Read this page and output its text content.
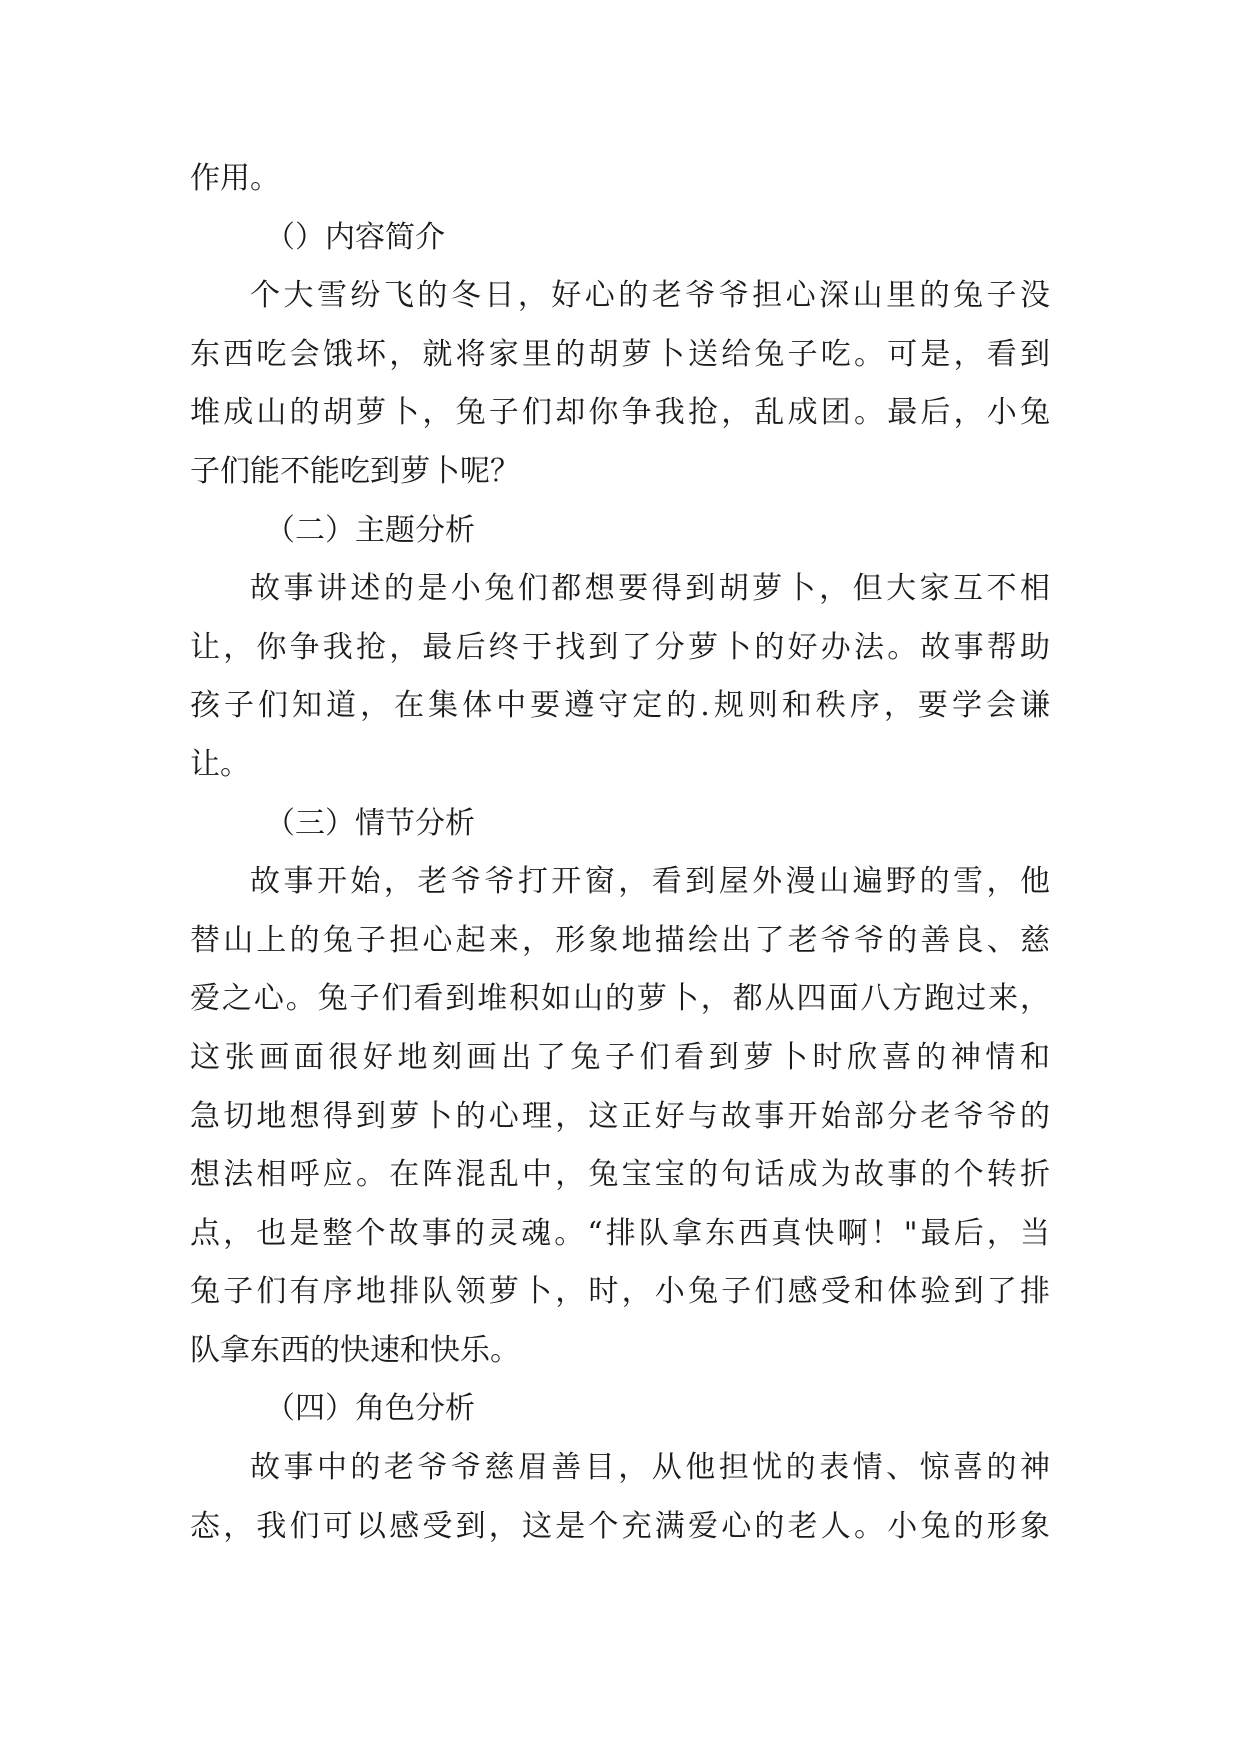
作用。
（）内容简介
个大雪纷飞的冬日，好心的老爷爷担心深山里的兔子没
东西吃会饿坏，就将家里的胡萝卜送给兔子吃。可是，看到
堆成山的胡萝卜，兔子们却你争我抢，乱成团。最后，小兔
子们能不能吃到萝卜呢？
（二）主题分析
故事讲述的是小兔们都想要得到胡萝卜，但大家互不相
让，你争我抢，最后终于找到了分萝卜的好办法。故事帮助
孩子们知道，在集体中要遵守定的.规则和秩序，要学会谦
让。
（三）情节分析
故事开始，老爷爷打开窗，看到屋外漫山遍野的雪，他
替山上的兔子担心起来，形象地描绘出了老爷爷的善良、慈
爱之心。兔子们看到堆积如山的萝卜，都从四面八方跑过来，
这张画面很好地刻画出了兔子们看到萝卜时欣喜的神情和
急切地想得到萝卜的心理，这正好与故事开始部分老爷爷的
想法相呼应。在阵混乱中，兔宝宝的句话成为故事的个转折
点，也是整个故事的灵魂。“排队拿东西真快啊！"最后，当
兔子们有序地排队领萝卜，时，小兔子们感受和体验到了排
队拿东西的快速和快乐。
（四）角色分析
故事中的老爷爷慈眉善目，从他担忧的表情、惊喜的神
态，我们可以感受到，这是个充满爱心的老人。小兔的形象
